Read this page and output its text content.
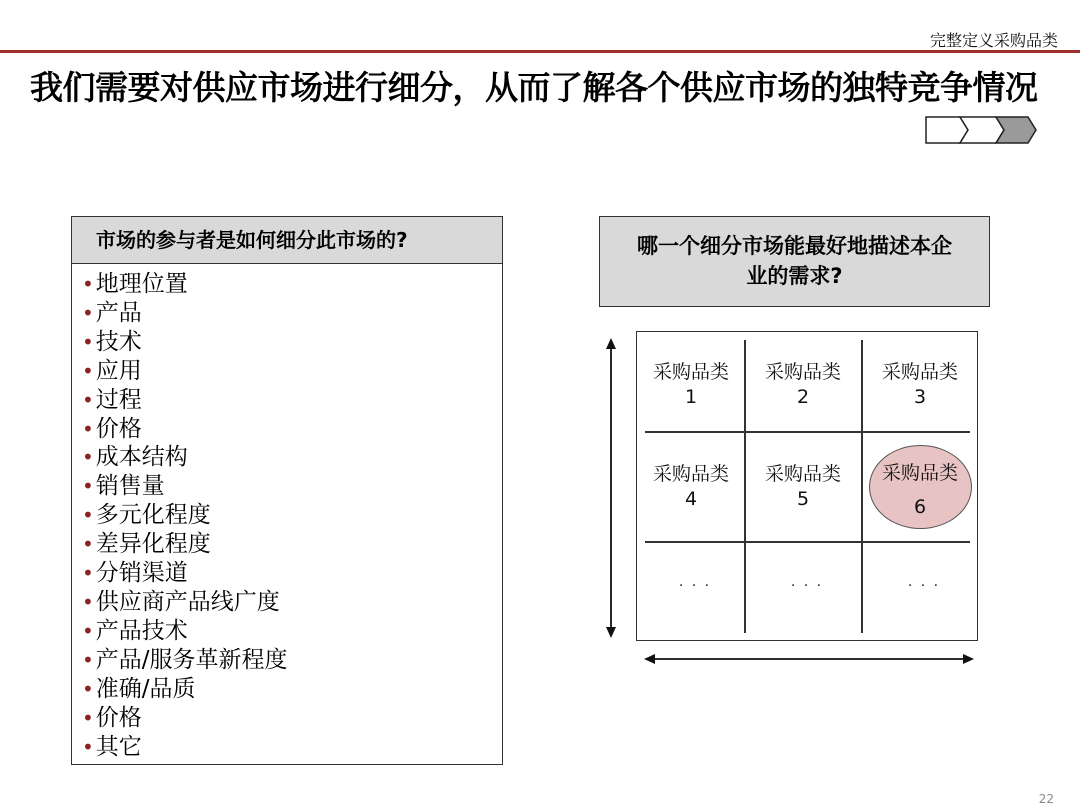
完整定义采购品类
我们需要对供应市场进行细分，从而了解各个供应市场的独特竞争情况
市场的参与者是如何细分此市场的?
•地理位置
•产品
•技术
•应用
•过程
•价格
•成本结构
•销售量
•多元化程度
•差异化程度
•分销渠道
•供应商产品线广度
•产品技术
•产品/服务革新程度
•准确/品质
•价格
•其它
哪一个细分市场能最好地描述本企
业的需求?
采购品类
1
采购品类
2
采购品类
3
采购品类
4
采购品类
5
采购品类
6
· · ·	· · ·	· · ·
22
